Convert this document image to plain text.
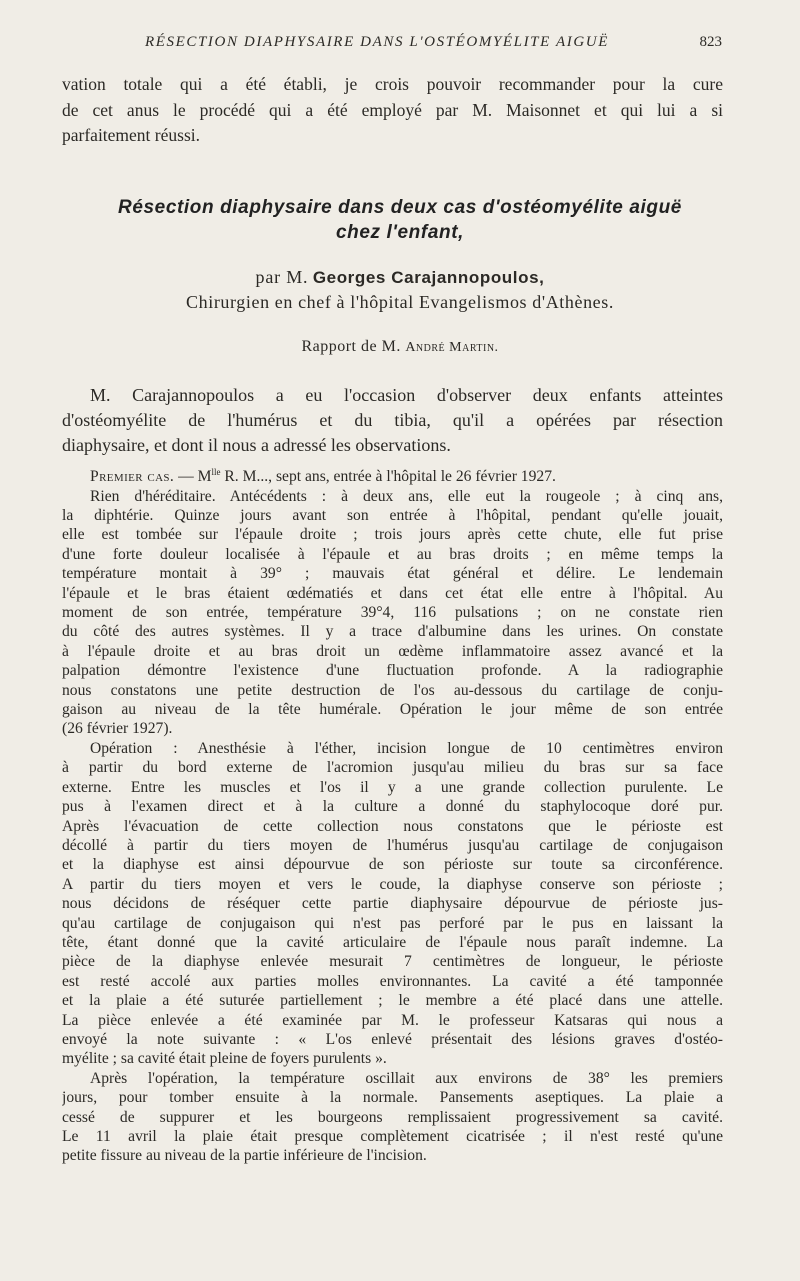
RÉSECTION DIAPHYSAIRE DANS L'OSTÉOMYÉLITE AIGUË	823
vation totale qui a été établi, je crois pouvoir recommander pour la cure
de cet anus le procédé qui a été employé par M. Maisonnet et qui lui a si
parfaitement réussi.
Résection diaphysaire dans deux cas d'ostéomyélite aiguë
chez l'enfant,
par M. Georges Carajannopoulos,
Chirurgien en chef à l'hôpital Evangelismos d'Athènes.
Rapport de M. André Martin.
M. Carajannopoulos a eu l'occasion d'observer deux enfants atteintes
d'ostéomyélite de l'humérus et du tibia, qu'il a opérées par résection
diaphysaire, et dont il nous a adressé les observations.
Premier cas. — $M^{lle}$ R. M..., sept ans, entrée à l'hôpital le 26 février 1927.
Rien d'héréditaire. Antécédents : à deux ans, elle eut la rougeole ; à cinq ans,
la diphtérie. Quinze jours avant son entrée à l'hôpital, pendant qu'elle jouait,
elle est tombée sur l'épaule droite ; trois jours après cette chute, elle fut prise
d'une forte douleur localisée à l'épaule et au bras droits ; en même temps la
température montait à 39° ; mauvais état général et délire. Le lendemain
l'épaule et le bras étaient œdématiés et dans cet état elle entre à l'hôpital. Au
moment de son entrée, température 39°4, 116 pulsations ; on ne constate rien
du côté des autres systèmes. Il y a trace d'albumine dans les urines. On constate
à l'épaule droite et au bras droit un œdème inflammatoire assez avancé et la
palpation démontre l'existence d'une fluctuation profonde. A la radiographie
nous constatons une petite destruction de l'os au-dessous du cartilage de conju-
gaison au niveau de la tête humérale. Opération le jour même de son entrée
(26 février 1927).
Opération : Anesthésie à l'éther, incision longue de 10 centimètres environ
à partir du bord externe de l'acromion jusqu'au milieu du bras sur sa face
externe. Entre les muscles et l'os il y a une grande collection purulente. Le
pus à l'examen direct et à la culture a donné du staphylocoque doré pur.
Après l'évacuation de cette collection nous constatons que le périoste est
décollé à partir du tiers moyen de l'humérus jusqu'au cartilage de conjugaison
et la diaphyse est ainsi dépourvue de son périoste sur toute sa circonférence.
A partir du tiers moyen et vers le coude, la diaphyse conserve son périoste ;
nous décidons de réséquer cette partie diaphysaire dépourvue de périoste jus-
qu'au cartilage de conjugaison qui n'est pas perforé par le pus en laissant la
tête, étant donné que la cavité articulaire de l'épaule nous paraît indemne. La
pièce de la diaphyse enlevée mesurait 7 centimètres de longueur, le périoste
est resté accolé aux parties molles environnantes. La cavité a été tamponnée
et la plaie a été suturée partiellement ; le membre a été placé dans une attelle.
La pièce enlevée a été examinée par M. le professeur Katsaras qui nous a
envoyé la note suivante : « L'os enlevé présentait des lésions graves d'ostéo-
myélite ; sa cavité était pleine de foyers purulents ».
Après l'opération, la température oscillait aux environs de 38° les premiers
jours, pour tomber ensuite à la normale. Pansements aseptiques. La plaie a
cessé de suppurer et les bourgeons remplissaient progressivement sa cavité.
Le 11 avril la plaie était presque complètement cicatrisée ; il n'est resté qu'une
petite fissure au niveau de la partie inférieure de l'incision.
